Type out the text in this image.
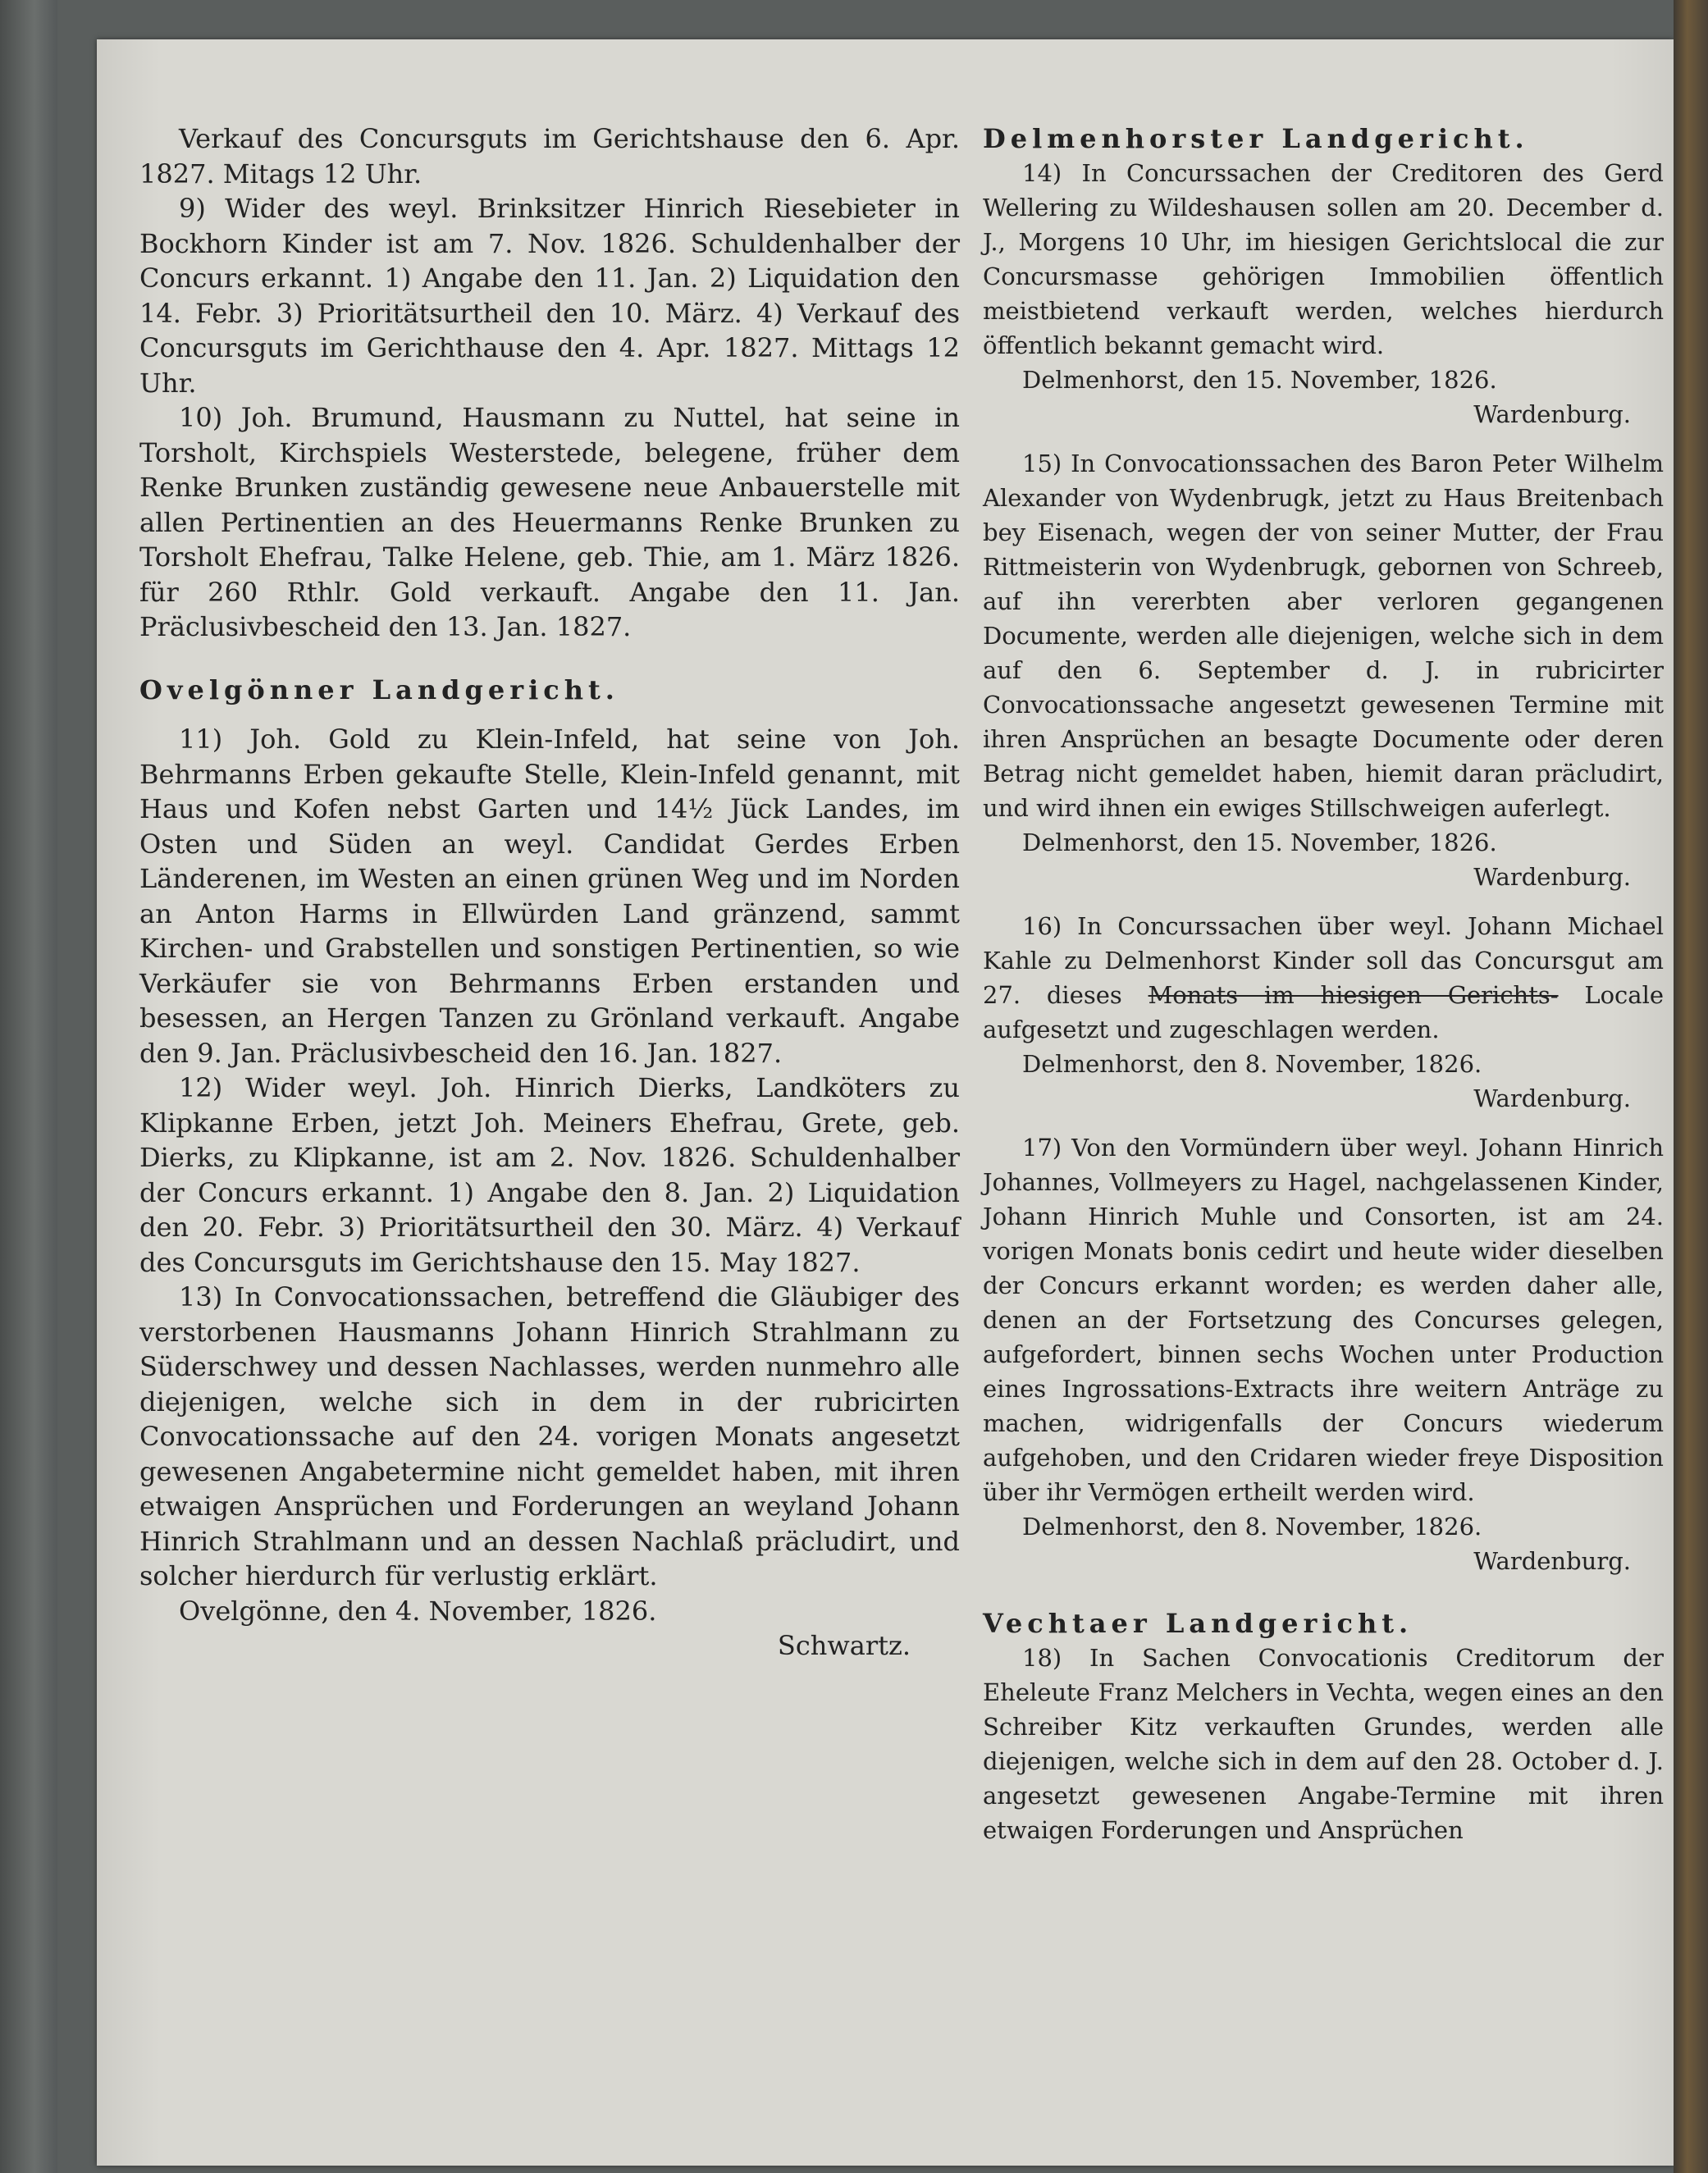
Verkauf des Concursguts im Gerichtshause den 6. Apr. 1827. Mitags 12 Uhr.

9) Wider des weyl. Brinksitzer Hinrich Riesebieter in Bockhorn Kinder ist am 7. Nov. 1826. Schuldenhalber der Concurs erkannt. 1) Angabe den 11. Jan. 2) Liquidation den 14. Febr. 3) Prioritätsurtheil den 10. März. 4) Verkauf des Concursguts im Gerichthause den 4. Apr. 1827. Mittags 12 Uhr.

10) Joh. Brumund, Hausmann zu Nuttel, hat seine in Torsholt, Kirchspiels Westerstede, belegene, früher dem Renke Brunken zuständig gewesene neue Anbauerstelle mit allen Pertinentien an des Heuermanns Renke Brunken zu Torsholt Ehefrau, Talke Helene, geb. Thie, am 1. März 1826. für 260 Rthlr. Gold verkauft. Angabe den 11. Jan. Präclusivbescheid den 13. Jan. 1827.

Ovelgönner Landgericht.

11) Joh. Gold zu Klein-Infeld, hat seine von Joh. Behrmanns Erben gekaufte Stelle, Klein-Infeld genannt, mit Haus und Kofen nebst Garten und 14½ Jück Landes, im Osten und Süden an weyl. Candidat Gerdes Erben Länderenen, im Westen an einen grünen Weg und im Norden an Anton Harms in Ellwürden Land gränzend, sammt Kirchen- und Grabstellen und sonstigen Pertinentien, so wie Verkäufer sie von Behrmanns Erben erstanden und besessen, an Hergen Tanzen zu Grönland verkauft. Angabe den 9. Jan. Präclusivbescheid den 16. Jan. 1827.

12) Wider weyl. Joh. Hinrich Dierks, Landköters zu Klipkanne Erben, jetzt Joh. Meiners Ehefrau, Grete, geb. Dierks, zu Klipkanne, ist am 2. Nov. 1826. Schuldenhalber der Concurs erkannt. 1) Angabe den 8. Jan. 2) Liquidation den 20. Febr. 3) Prioritätsurtheil den 30. März. 4) Verkauf des Concursguts im Gerichtshause den 15. May 1827.

13) In Convocationssachen, betreffend die Gläubiger des verstorbenen Hausmanns Johann Hinrich Strahlmann zu Süderschwey und dessen Nachlasses, werden nunmehro alle diejenigen, welche sich in dem in der rubricirten Convocationssache auf den 24. vorigen Monats angesetzt gewesenen Angabetermine nicht gemeldet haben, mit ihren etwaigen Ansprüchen und Forderungen an weyland Johann Hinrich Strahlmann und an dessen Nachlaß präcludirt, und solcher hierdurch für verlustig erklärt.

Ovelgönne, den 4. November, 1826.

Schwartz.

Delmenhorster Landgericht.

14) In Concurssachen der Creditoren des Gerd Wellering zu Wildeshausen sollen am 20. December d. J., Morgens 10 Uhr, im hiesigen Gerichtslocal die zur Concursmasse gehörigen Immobilien öffentlich meistbietend verkauft werden, welches hierdurch öffentlich bekannt gemacht wird.

Delmenhorst, den 15. November, 1826.

Wardenburg.

15) In Convocationssachen des Baron Peter Wilhelm Alexander von Wydenbrugk, jetzt zu Haus Breitenbach bey Eisenach, wegen der von seiner Mutter, der Frau Rittmeisterin von Wydenbrugk, gebornen von Schreeb, auf ihn vererbten aber verloren gegangenen Documente, werden alle diejenigen, welche sich in dem auf den 6. September d. J. in rubricirter Convocationssache angesetzt gewesenen Termine mit ihren Ansprüchen an besagte Documente oder deren Betrag nicht gemeldet haben, hiemit daran präcludirt, und wird ihnen ein ewiges Stillschweigen auferlegt.

Delmenhorst, den 15. November, 1826.

Wardenburg.

16) In Concurssachen über weyl. Johann Michael Kahle zu Delmenhorst Kinder soll das Concursgut am 27. dieses Monats im hiesigen Gerichts- Locale aufgesetzt und zugeschlagen werden.

Delmenhorst, den 8. November, 1826.

Wardenburg.

17) Von den Vormündern über weyl. Johann Hinrich Johannes, Vollmeyers zu Hagel, nachgelassenen Kinder, Johann Hinrich Muhle und Consorten, ist am 24. vorigen Monats bonis cedirt und heute wider dieselben der Concurs erkannt worden; es werden daher alle, denen an der Fortsetzung des Concurses gelegen, aufgefordert, binnen sechs Wochen unter Production eines Ingrossations-Extracts ihre weitern Anträge zu machen, widrigenfalls der Concurs wiederum aufgehoben, und den Cridaren wieder freye Disposition über ihr Vermögen ertheilt werden wird.

Delmenhorst, den 8. November, 1826.

Wardenburg.

Vechtaer Landgericht.

18) In Sachen Convocationis Creditorum der Eheleute Franz Melchers in Vechta, wegen eines an den Schreiber Kitz verkauften Grundes, werden alle diejenigen, welche sich in dem auf den 28. October d. J. angesetzt gewesenen Angabe-Termine mit ihren etwaigen Forderungen und Ansprüchen
